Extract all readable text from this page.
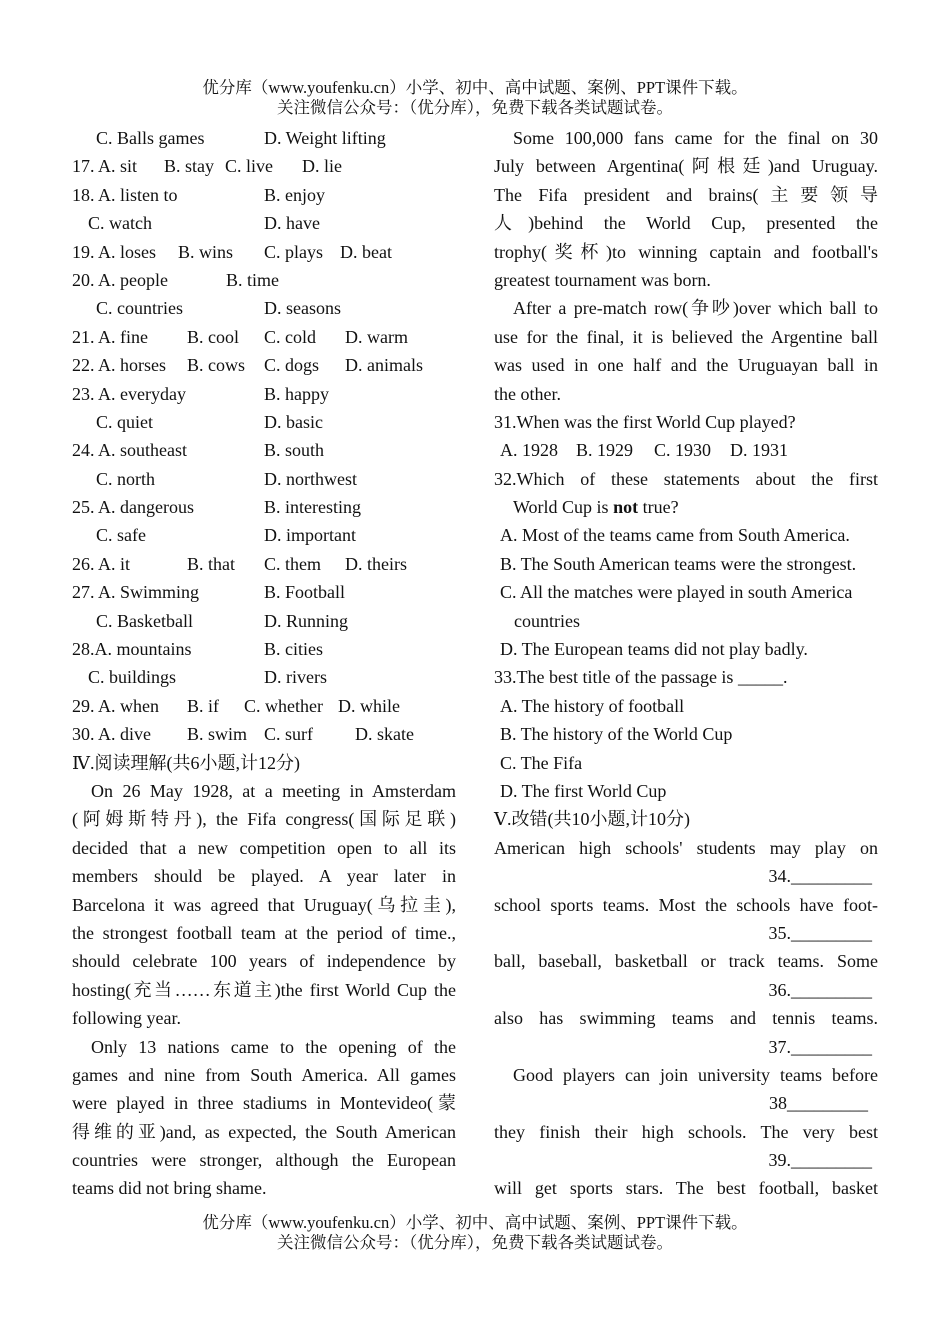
优分库（www.youfenku.cn）小学、初中、高中试题、案例、PPT课件下载。
关注微信公众号：（优分库），免费下载各类试题试卷。
C. Balls games	D. Weight lifting
17. A. sit B. stay C. live D. lie
18. A. listen to	B. enjoy
C. watch	D. have
19. A. loses B. wins C. plays D. beat
20. A. people	B. time
C. countries	D. seasons
21. A. fine B. cool C. cold D. warm
22. A. horses B. cows C. dogs D. animals
23. A. everyday	B. happy
C. quiet	D. basic
24. A. southeast	B. south
C. north	D. northwest
25. A. dangerous	B. interesting
C. safe	D. important
26. A. it	B. that C. them D. theirs
27. A. Swimming	B. Football
C. Basketball	D. Running
28.A. mountains	B. cities
C. buildings	D. rivers
29. A. when B. if C. whether D. while
30. A. dive B. swim C. surf D. skate
Ⅳ.阅读理解(共6小题,计12分)
On 26 May 1928, at a meeting in Amsterdam
(阿姆斯特丹), the Fifa congress(国际足联)
decided that a new competition open to all its
members should be played. A year later in
Barcelona it was agreed that Uruguay(乌拉圭),
the strongest football team at the period of time.,
should celebrate 100 years of independence by
hosting(充当……东道主)the first World Cup the
following year.
Only 13 nations came to the opening of the
games and nine from South America. All games
were played in three stadiums in Montevideo(蒙
得维的亚)and, as expected, the South American
countries were stronger, although the European
teams did not bring shame.
Some 100,000 fans came for the final on 30
July between Argentina(阿根廷)and Uruguay.
The Fifa president and brains(主要领导
人)behind the World Cup, presented the
trophy(奖杯)to winning captain and football's
greatest tournament was born.
After a pre-match row(争吵)over which ball to
use for the final, it is believed the Argentine ball
was used in one half and the Uruguayan ball in
the other.
31.When was the first World Cup played?
A. 1928 B. 1929 C. 1930 D. 1931
32.Which of these statements about the first
World Cup is not true?
A. Most of the teams came from South America.
B. The South American teams were the strongest.
C. All the matches were played in south America
countries
D. The European teams did not play badly.
33.The best title of the passage is _____.
A. The history of football
B. The history of the World Cup
C. The Fifa
D. The first World Cup
Ⅴ.改错(共10小题,计10分)
American high schools' students may play on
34._________
school sports teams. Most the schools have foot-
35._________
ball, baseball, basketball or track teams. Some
36._________
also has swimming teams and tennis teams.
37._________
Good players can join university teams before
38_________
they finish their high schools. The very best
39._________
will get sports stars. The best football, basket
优分库（www.youfenku.cn）小学、初中、高中试题、案例、PPT课件下载。
关注微信公众号：（优分库），免费下载各类试题试卷。
